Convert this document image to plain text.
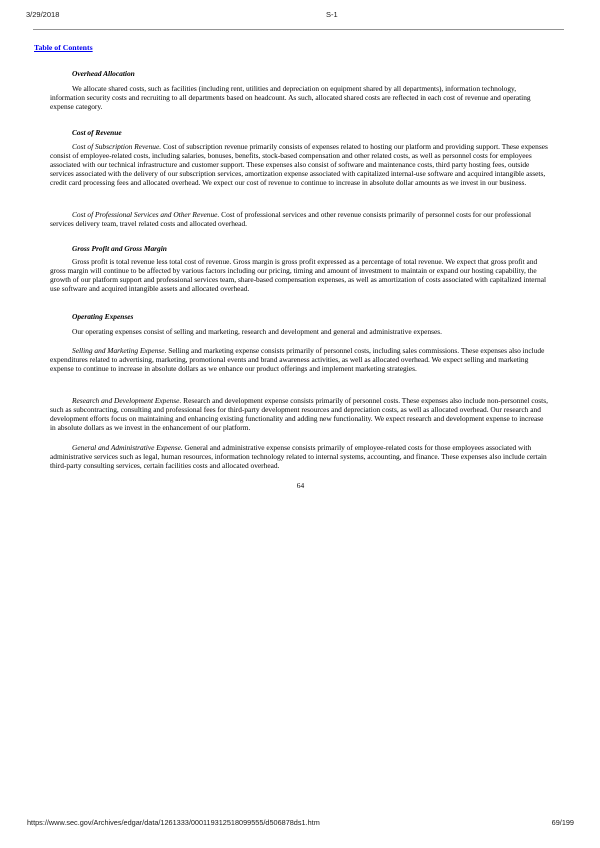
3/29/2018	S-1
Table of Contents
Overhead Allocation

We allocate shared costs, such as facilities (including rent, utilities and depreciation on equipment shared by all departments), information technology, information security costs and recruiting to all departments based on headcount. As such, allocated shared costs are reflected in each cost of revenue and operating expense category.

Cost of Revenue

Cost of Subscription Revenue. Cost of subscription revenue primarily consists of expenses related to hosting our platform and providing support. These expenses consist of employee-related costs, including salaries, bonuses, benefits, stock-based compensation and other related costs, as well as personnel costs for employees associated with our technical infrastructure and customer support. These expenses also consist of software and maintenance costs, third party hosting fees, outside services associated with the delivery of our subscription services, amortization expense associated with capitalized internal-use software and acquired intangible assets, credit card processing fees and allocated overhead. We expect our cost of revenue to continue to increase in absolute dollar amounts as we invest in our business.

Cost of Professional Services and Other Revenue. Cost of professional services and other revenue consists primarily of personnel costs for our professional services delivery team, travel related costs and allocated overhead.

Gross Profit and Gross Margin

Gross profit is total revenue less total cost of revenue. Gross margin is gross profit expressed as a percentage of total revenue. We expect that gross profit and gross margin will continue to be affected by various factors including our pricing, timing and amount of investment to maintain or expand our hosting capability, the growth of our platform support and professional services team, share-based compensation expenses, as well as amortization of costs associated with capitalized internal use software and acquired intangible assets and allocated overhead.

Operating Expenses

Our operating expenses consist of selling and marketing, research and development and general and administrative expenses.

Selling and Marketing Expense. Selling and marketing expense consists primarily of personnel costs, including sales commissions. These expenses also include expenditures related to advertising, marketing, promotional events and brand awareness activities, as well as allocated overhead. We expect selling and marketing expense to continue to increase in absolute dollars as we enhance our product offerings and implement marketing strategies.

Research and Development Expense. Research and development expense consists primarily of personnel costs. These expenses also include non-personnel costs, such as subcontracting, consulting and professional fees for third-party development resources and depreciation costs, as well as allocated overhead. Our research and development efforts focus on maintaining and enhancing existing functionality and adding new functionality. We expect research and development expense to increase in absolute dollars as we invest in the enhancement of our platform.

General and Administrative Expense. General and administrative expense consists primarily of employee-related costs for those employees associated with administrative services such as legal, human resources, information technology related to internal systems, accounting, and finance. These expenses also include certain third-party consulting services, certain facilities costs and allocated overhead.

64
https://www.sec.gov/Archives/edgar/data/1261333/000119312518099555/d506878ds1.htm	69/199
